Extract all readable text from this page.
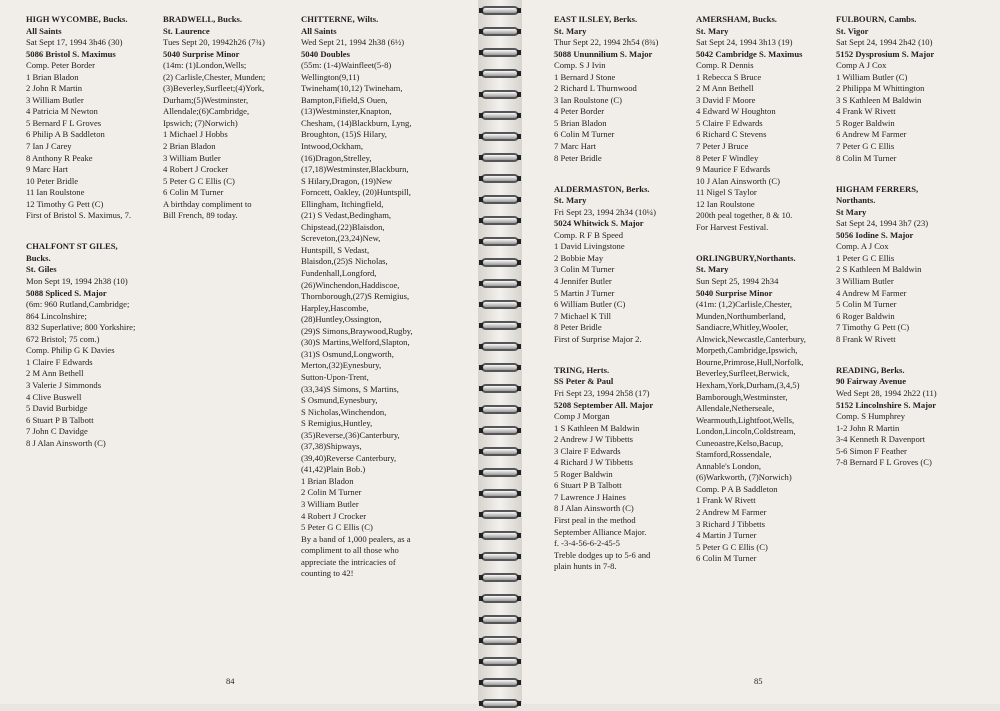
HIGH WYCOMBE, Bucks.
All Saints
Sat Sept 17, 1994 3h46 (30)
5086 Bristol S. Maximus
Comp. Peter Border
1 Brian Bladon
2 John R Martin
3 William Butler
4 Patricia M Newton
5 Bernard F L Groves
6 Philip A B Saddleton
7 Ian J Carey
8 Anthony R Peake
9 Marc Hart
10 Peter Bridle
11 Ian Roulstone
12 Timothy G Pett (C)
First of Bristol S. Maximus, 7.

CHALFONT ST GILES,
Bucks.
St. Giles
Mon Sept 19, 1994 2h38 (10)
5088 Spliced S. Major
(6m: 960 Rutland,Cambridge;
864 Lincolnshire;
832 Superlative; 800 Yorkshire;
672 Bristol; 75 com.)
Comp. Philip G K Davies
1 Claire F Edwards
2 M Ann Bethell
3 Valerie J Simmonds
4 Clive Buswell
5 David Burbidge
6 Stuart P B Talbott
7 John C Davidge
8 J Alan Ainsworth (C)
BRADWELL, Bucks.
St. Laurence
Tues Sept 20, 19942h26 (7¾)
5040 Surprise Minor
(14m: (1)London,Wells;
(2) Carlisle,Chester, Munden;
(3)Beverley,Surfleet;(4)York,
Durham;(5)Westminster,
Allendale;(6)Cambridge,
Ipswich; (7)Norwich)
1 Michael J Hobbs
2 Brian Bladon
3 William Butler
4 Robert J Crocker
5 Peter G C Ellis (C)
6 Colin M Turner
A birthday compliment to
Bill French, 89 today.
CHITTERNE, Wilts.
All Saints
Wed Sept 21, 1994 2h38 (6½)
5040 Doubles
(55m: (1-4)Wainfleet(5-8)
Wellington(9,11)
Twineham(10,12) Twineham,
Bampton,Fifield,S Ouen,
(13)Westminster,Knapton,
Chesham, (14)Blackburn, Lyng,
Broughton, (15)S Hilary,
Intwood,Ockham,
(16)Dragon,Strelley,
(17,18)Westminster,Blackburn,
S Hilary,Dragon, (19)New
Forncett, Oakley, (20)Huntspill,
Ellingham, Itchingfield,
(21) S Vedast,Bedingham,
Chipstead,(22)Blaisdon,
Screveton,(23,24)New,
Huntspill, S Vedast,
Blaisdon,(25)S Nicholas,
Fundenhall,Longford,
(26)Winchendon,Haddiscoe,
Thornborough,(27)S Remigius,
Harpley,Hascombe,
(28)Huntley,Ossington,
(29)S Simons,Braywood,Rugby,
(30)S Martins,Welford,Slapton,
(31)S Osmund,Longworth,
Merton,(32)Eynesbury,
Sutton-Upon-Trent,
(33,34)S Simons, S Martins,
S Osmund,Eynesbury,
S Nicholas,Winchendon,
S Remigius,Huntley,
(35)Reverse,(36)Canterbury,
(37,38)Shipways,
(39,40)Reverse Canterbury,
(41,42)Plain Bob.)
1 Brian Bladon
2 Colin M Turner
3 William Butler
4 Robert J Crocker
5 Peter G C Ellis (C)
By a band of 1,000 pealers, as a
compliment to all those who
appreciate the intricacies of
counting to 42!
84
EAST ILSLEY, Berks.
St. Mary
Thur Sept 22, 1994 2h54 (8¾)
5088 Ununnilium S. Major
Comp. S J Ivin
1 Bernard J Stone
2 Richard L Thurnwood
3 Ian Roulstone (C)
4 Peter Border
5 Brian Bladon
6 Colin M Turner
7 Marc Hart
8 Peter Bridle

ALDERMASTON, Berks.
St. Mary
Fri Sept 23, 1994 2h34 (10¼)
5024 Whitwick S. Major
Comp. R F B Speed
1 David Livingstone
2 Bobbie May
3 Colin M Turner
4 Jennifer Butler
5 Martin J Turner
6 William Butler (C)
7 Michael K Till
8 Peter Bridle
First of Surprise Major 2.

TRING, Herts.
SS Peter & Paul
Fri Sept 23, 1994 2h58 (17)
5208 September All. Major
Comp J Morgan
1 S Kathleen M Baldwin
2 Andrew J W Tibbetts
3 Claire F Edwards
4 Richard J W Tibbetts
5 Roger Baldwin
6 Stuart P B Talbott
7 Lawrence J Haines
8 J Alan Ainsworth (C)
First peal in the method
September Alliance Major.
f. -3-4-56-6-2-45-5
Treble dodges up to 5-6 and
plain hunts in 7-8.
AMERSHAM, Bucks.
St. Mary
Sat Sept 24, 1994 3h13 (19)
5042 Cambridge S. Maximus
Comp. R Dennis
1 Rebecca S Bruce
2 M Ann Bethell
3 David F Moore
4 Edward W Houghton
5 Claire F Edwards
6 Richard C Stevens
7 Peter J Bruce
8 Peter F Windley
9 Maurice F Edwards
10 J Alan Ainsworth (C)
11 Nigel S Taylor
12 Ian Roulstone
200th peal together, 8 & 10.
For Harvest Festival.

ORLINGBURY,Northants.
St. Mary
Sun Sept 25, 1994 2h34
5040 Surprise Minor
(41m: (1,2)Carlisle,Chester,
Munden,Northumberland,
Sandiacre,Whitley,Wooler,
Alnwick,Newcastle,Canterbury,
Morpeth,Cambridge,Ipswich,
Bourne,Primrose,Hull,Norfolk,
Beverley,Surfleet,Berwick,
Hexham,York,Durham,(3,4,5)
Bamborough,Westminster,
Allendale,Netherseale,
Wearmouth,Lightfoot,Wells,
London,Lincoln,Coldstream,
Cuneoastre,Kelso,Bacup,
Stamford,Rossendale,
Annable's London,
(6)Warkworth, (7)Norwich)
Comp. P A B Saddleton
1 Frank W Rivett
2 Andrew M Farmer
3 Richard J Tibbetts
4 Martin J Turner
5 Peter G C Ellis (C)
6 Colin M Turner
FULBOURN, Cambs.
St. Vigor
Sat Sept 24, 1994 2h42 (10)
5152 Dysprosium S. Major
Comp A J Cox
1 William Butler (C)
2 Philippa M Whittington
3 S Kathleen M Baldwin
4 Frank W Rivett
5 Roger Baldwin
6 Andrew M Farmer
7 Peter G C Ellis
8 Colin M Turner

HIGHAM FERRERS,
Northants.
St Mary
Sat Sept 24, 1994 3h7 (23)
5056 Iodine S. Major
Comp. A J Cox
1 Peter G C Ellis
2 S Kathleen M Baldwin
3 William Butler
4 Andrew M Farmer
5 Colin M Turner
6 Roger Baldwin
7 Timothy G Pett (C)
8 Frank W Rivett

READING, Berks.
90 Fairway Avenue
Wed Sept 28, 1994 2h22 (11)
5152 Lincolnshire S. Major
Comp. S Humphrey
1-2 John R Martin
3-4 Kenneth R Davenport
5-6 Simon F Feather
7-8 Bernard F L Groves (C)
85
